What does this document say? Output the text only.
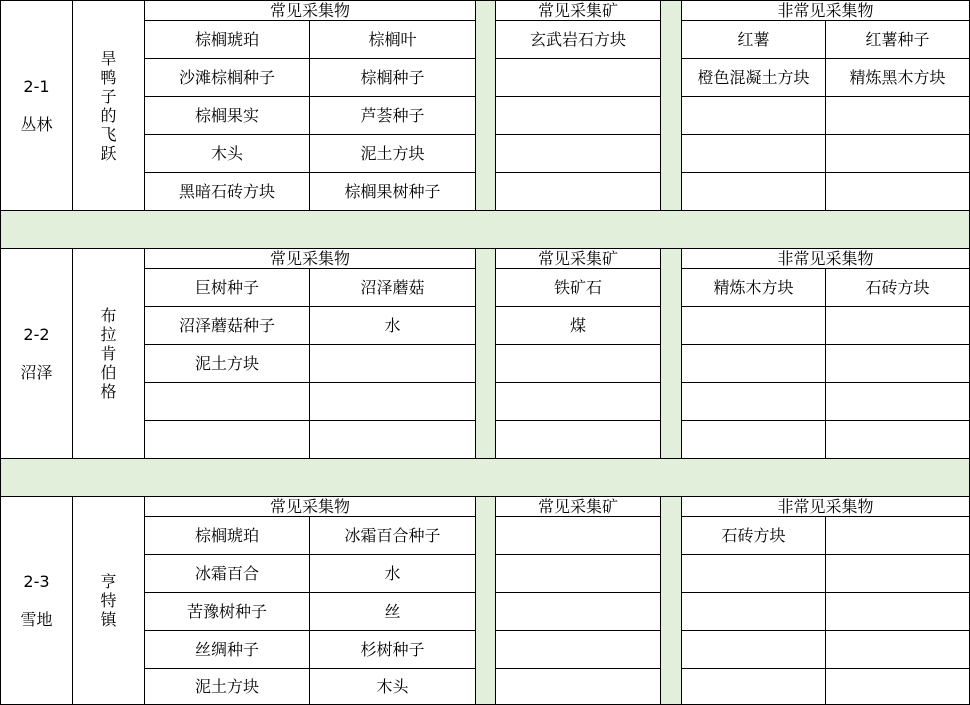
2-1
丛林	旱鸭子的飞跃	常见采集物			常见采集矿		非常见采集物	
		棕榈琥珀	棕榈叶		玄武岩石方块		红薯	红薯种子
		沙滩棕榈种子	棕榈种子				橙色混凝土方块	精炼黑木方块
		棕榈果实	芦荟种子					
		木头	泥土方块					
		黑暗石砖方块	棕榈果树种子					

2-2
沼泽	布拉肯伯格	常见采集物			常见采集矿		非常见采集物	
		巨树种子	沼泽蘑菇		铁矿石		精炼木方块	石砖方块
		沼泽蘑菇种子	水		煤			
		泥土方块						

2-3
雪地	亨特镇	常见采集物			常见采集矿		非常见采集物	
		棕榈琥珀	冰霜百合种子				石砖方块	
		冰霜百合	水					
		苦豫树种子	丝					
		丝绸种子	杉树种子					
		泥土方块	木头					
